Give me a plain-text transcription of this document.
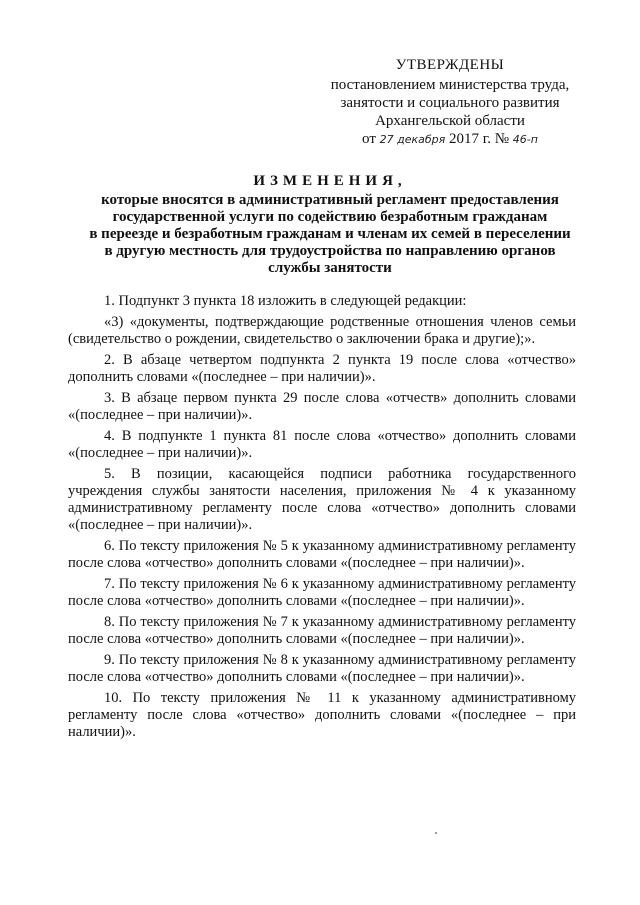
УТВЕРЖДЕНЫ
постановлением министерства труда,
занятости и социального развития
Архангельской области
от 27 декабря 2017 г. № 46-п
ИЗМЕНЕНИЯ,
которые вносятся в административный регламент предоставления
государственной услуги по содействию безработным гражданам
в переезде и безработным гражданам и членам их семей в переселении
в другую местность для трудоустройства по направлению органов
службы занятости

1. Подпункт 3 пункта 18 изложить в следующей редакции:

«3) «документы, подтверждающие родственные отношения членов семьи (свидетельство о рождении, свидетельство о заключении брака и другие);».

2. В абзаце четвертом подпункта 2 пункта 19 после слова «отчество» дополнить словами «(последнее – при наличии)».

3. В абзаце первом пункта 29 после слова «отчеств» дополнить словами «(последнее – при наличии)».

4. В подпункте 1 пункта 81 после слова «отчество» дополнить словами «(последнее – при наличии)».

5. В позиции, касающейся подписи работника государственного учреждения службы занятости населения, приложения № 4 к указанному административному регламенту после слова «отчество» дополнить словами «(последнее – при наличии)».

6. По тексту приложения № 5 к указанному административному регламенту после слова «отчество» дополнить словами «(последнее – при наличии)».

7. По тексту приложения № 6 к указанному административному регламенту после слова «отчество» дополнить словами «(последнее – при наличии)».

8. По тексту приложения № 7 к указанному административному регламенту после слова «отчество» дополнить словами «(последнее – при наличии)».

9. По тексту приложения № 8 к указанному административному регламенту после слова «отчество» дополнить словами «(последнее – при наличии)».

10. По тексту приложения № 11 к указанному административному регламенту после слова «отчество» дополнить словами «(последнее – при наличии)».
